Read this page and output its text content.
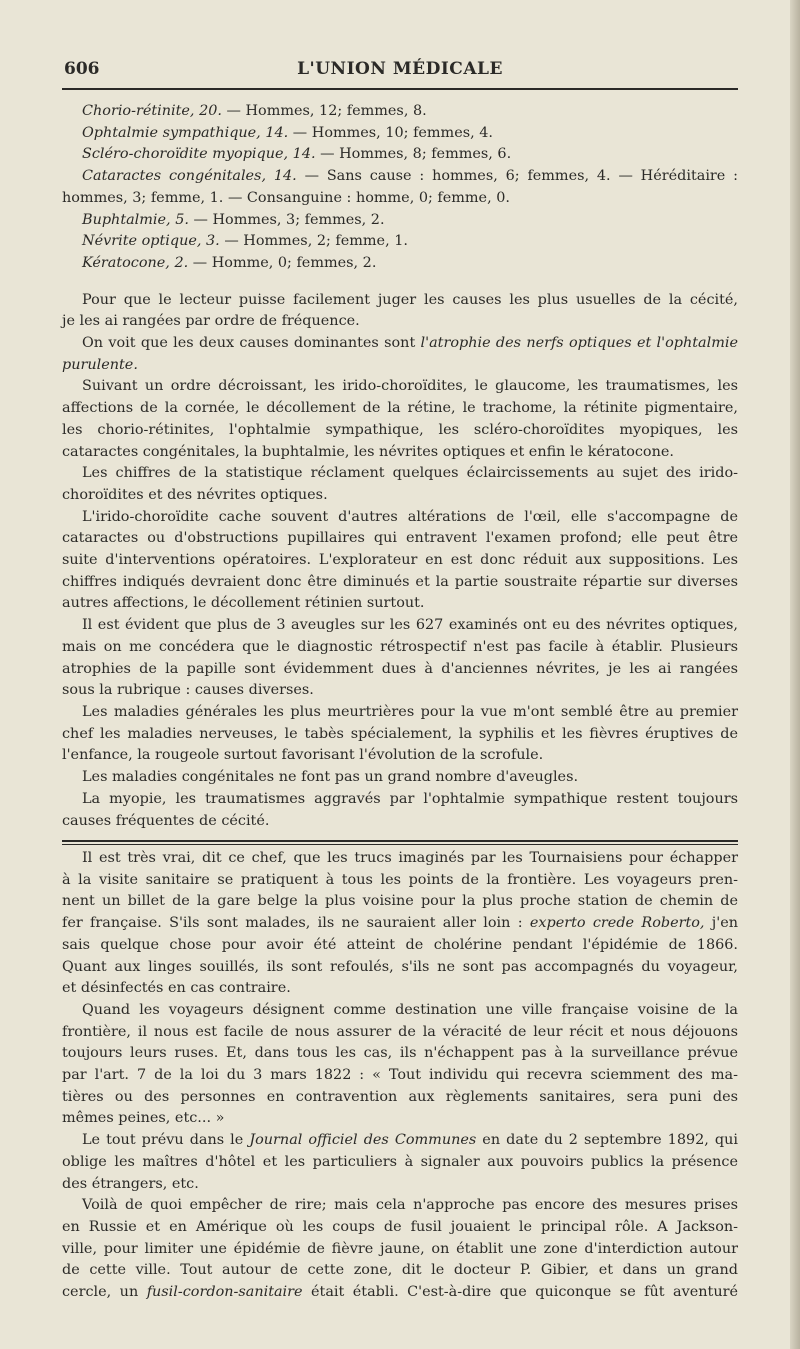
606	L'UNION MÉDICALE
Chorio-rétinite, 20. — Hommes, 12; femmes, 8.
Ophtalmie sympathique, 14. — Hommes, 10; femmes, 4.
Scléro-choroïdite myopique, 14. — Hommes, 8; femmes, 6.
Cataractes congénitales, 14. — Sans cause : hommes, 6; femmes, 4. — Héréditaire :
hommes, 3; femme, 1. — Consanguine : homme, 0; femme, 0.
Buphtalmie, 5. — Hommes, 3; femmes, 2.
Névrite optique, 3. — Hommes, 2; femme, 1.
Kératocone, 2. — Homme, 0; femmes, 2.
Pour que le lecteur puisse facilement juger les causes les plus usuelles de la cécité,
je les ai rangées par ordre de fréquence.
On voit que les deux causes dominantes sont l'atrophie des nerfs optiques et l'ophtalmie
purulente.
Suivant un ordre décroissant, les irido-choroïdites, le glaucome, les traumatismes, les
affections de la cornée, le décollement de la rétine, le trachome, la rétinite pigmentaire,
les chorio-rétinites, l'ophtalmie sympathique, les scléro-choroïdites myopiques, les
cataractes congénitales, la buphtalmie, les névrites optiques et enfin le kératocone.
Les chiffres de la statistique réclament quelques éclaircissements au sujet des irido-
choroïdites et des névrites optiques.
L'irido-choroïdite cache souvent d'autres altérations de l'œil, elle s'accompagne de
cataractes ou d'obstructions pupillaires qui entravent l'examen profond; elle peut être
suite d'interventions opératoires. L'explorateur en est donc réduit aux suppositions. Les
chiffres indiqués devraient donc être diminués et la partie soustraite répartie sur diverses
autres affections, le décollement rétinien surtout.
Il est évident que plus de 3 aveugles sur les 627 examinés ont eu des névrites optiques,
mais on me concédera que le diagnostic rétrospectif n'est pas facile à établir. Plusieurs
atrophies de la papille sont évidemment dues à d'anciennes névrites, je les ai rangées
sous la rubrique : causes diverses.
Les maladies générales les plus meurtrières pour la vue m'ont semblé être au premier
chef les maladies nerveuses, le tabès spécialement, la syphilis et les fièvres éruptives de
l'enfance, la rougeole surtout favorisant l'évolution de la scrofule.
Les maladies congénitales ne font pas un grand nombre d'aveugles.
La myopie, les traumatismes aggravés par l'ophtalmie sympathique restent toujours
causes fréquentes de cécité.
Il est très vrai, dit ce chef, que les trucs imaginés par les Tournaisiens pour échapper
à la visite sanitaire se pratiquent à tous les points de la frontière. Les voyageurs pren-
nent un billet de la gare belge la plus voisine pour la plus proche station de chemin de
fer française. S'ils sont malades, ils ne sauraient aller loin : experto crede Roberto, j'en
sais quelque chose pour avoir été atteint de cholérine pendant l'épidémie de 1866.
Quant aux linges souillés, ils sont refoulés, s'ils ne sont pas accompagnés du voyageur,
et désinfectés en cas contraire.
Quand les voyageurs désignent comme destination une ville française voisine de la
frontière, il nous est facile de nous assurer de la véracité de leur récit et nous déjouons
toujours leurs ruses. Et, dans tous les cas, ils n'échappent pas à la surveillance prévue
par l'art. 7 de la loi du 3 mars 1822 : « Tout individu qui recevra sciemment des ma-
tières ou des personnes en contravention aux règlements sanitaires, sera puni des
mêmes peines, etc... »
Le tout prévu dans le Journal officiel des Communes en date du 2 septembre 1892, qui
oblige les maîtres d'hôtel et les particuliers à signaler aux pouvoirs publics la présence
des étrangers, etc.
Voilà de quoi empêcher de rire; mais cela n'approche pas encore des mesures prises
en Russie et en Amérique où les coups de fusil jouaient le principal rôle. A Jackson-
ville, pour limiter une épidémie de fièvre jaune, on établit une zone d'interdiction autour
de cette ville. Tout autour de cette zone, dit le docteur P. Gibier, et dans un grand
cercle, un fusil-cordon-sanitaire était établi. C'est-à-dire que quiconque se fût aventuré
